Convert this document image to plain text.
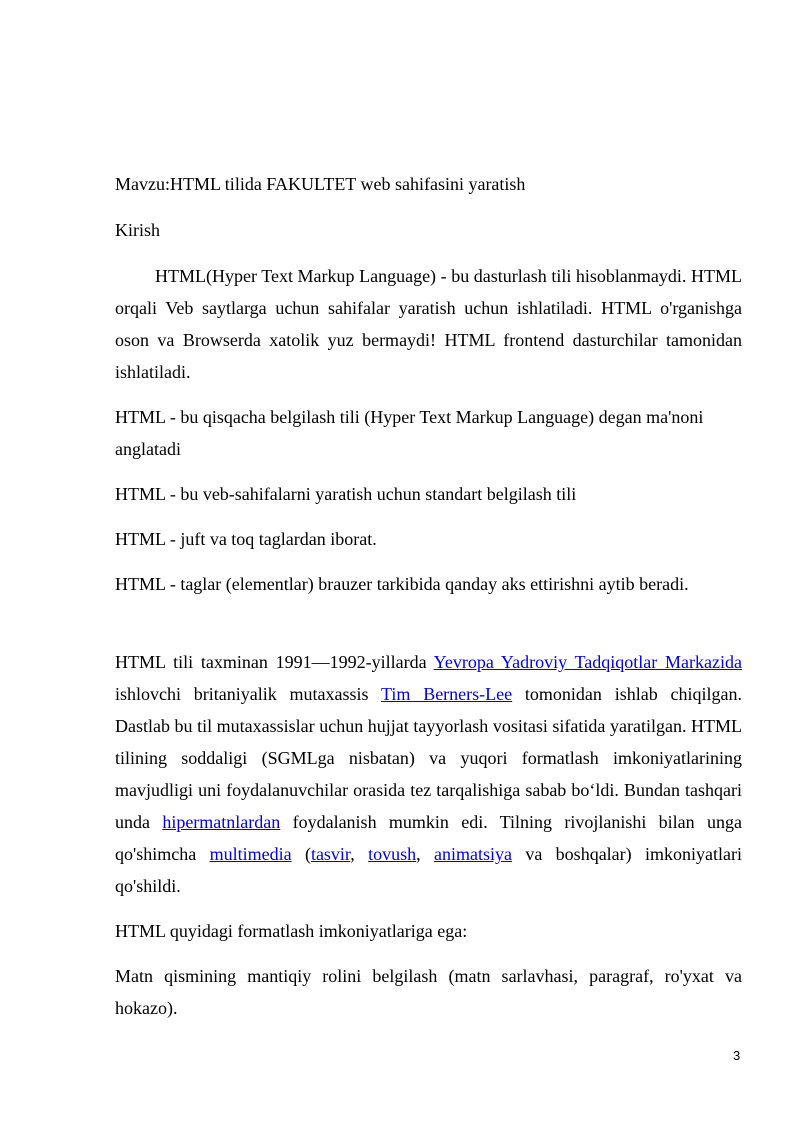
Mavzu:HTML tilida FAKULTET web sahifasini yaratish

Kirish

HTML(Hyper Text Markup Language) - bu dasturlash tili hisoblanmaydi. HTML orqali Veb saytlarga uchun sahifalar yaratish uchun ishlatiladi. HTML o'rganishga oson va Browserda xatolik yuz bermaydi! HTML frontend dasturchilar tamonidan ishlatiladi.

HTML - bu qisqacha belgilash tili (Hyper Text Markup Language) degan ma'noni anglatadi

HTML - bu veb-sahifalarni yaratish uchun standart belgilash tili

HTML - juft va toq taglardan iborat.

HTML - taglar (elementlar) brauzer tarkibida qanday aks ettirishni aytib beradi.

HTML tili taxminan 1991—1992-yillarda Yevropa Yadroviy Tadqiqotlar Markazida ishlovchi britaniyalik mutaxassis Tim Berners-Lee tomonidan ishlab chiqilgan. Dastlab bu til mutaxassislar uchun hujjat tayyorlash vositasi sifatida yaratilgan. HTML tilining soddaligi (SGMLga nisbatan) va yuqori formatlash imkoniyatlarining mavjudligi uni foydalanuvchilar orasida tez tarqalishiga sabab bo‘ldi. Bundan tashqari unda hipermatnlardan foydalanish mumkin edi. Tilning rivojlanishi bilan unga qo'shimcha multimedia (tasvir, tovush, animatsiya va boshqalar) imkoniyatlari qo'shildi.

HTML quyidagi formatlash imkoniyatlariga ega:

Matn qismining mantiqiy rolini belgilash (matn sarlavhasi, paragraf, ro'yxat va hokazo).

3
